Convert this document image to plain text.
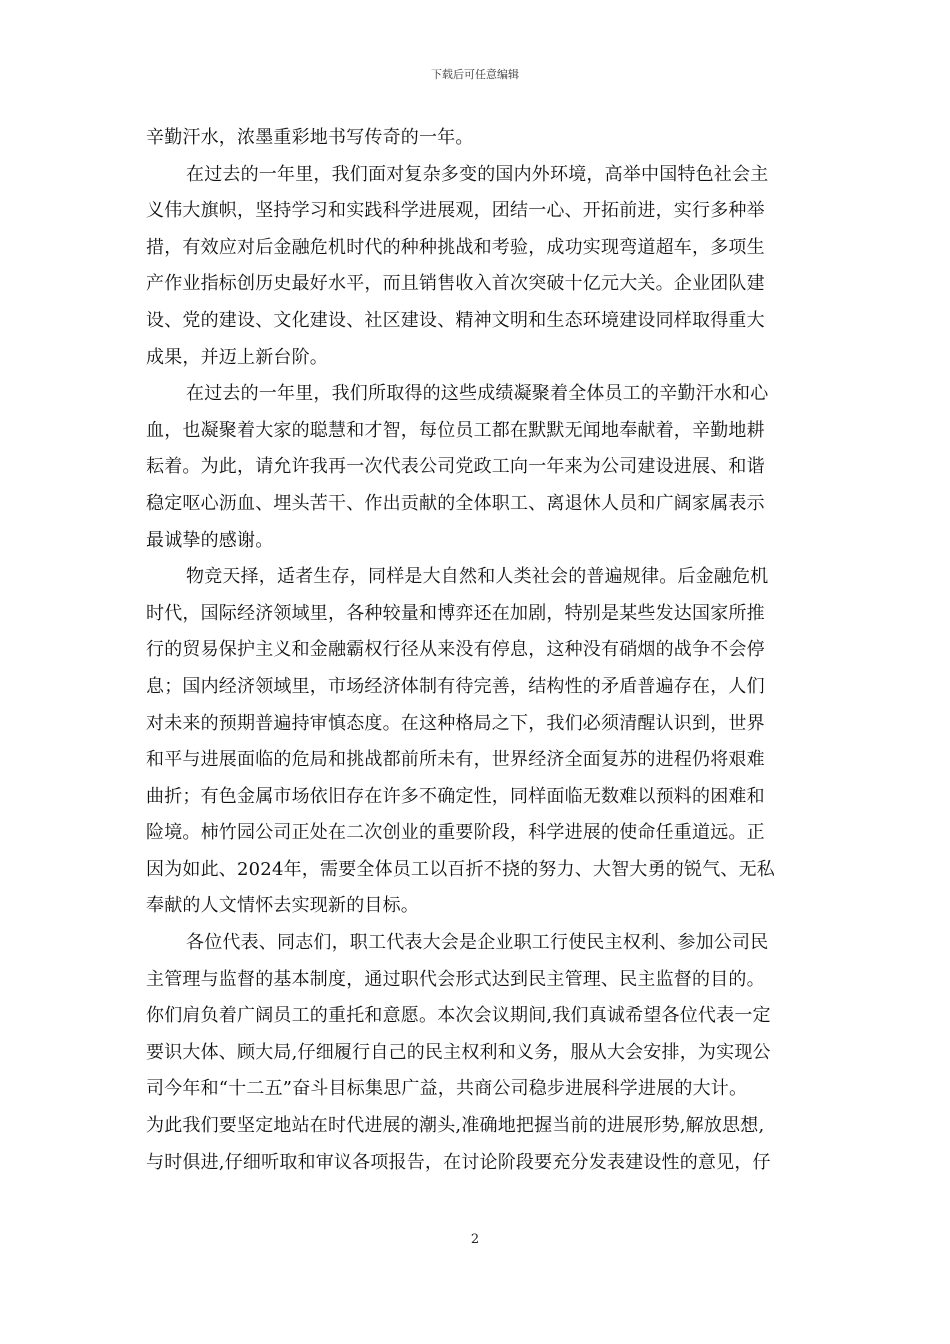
下载后可任意编辑
辛勤汗水，浓墨重彩地书写传奇的一年。
在过去的一年里，我们面对复杂多变的国内外环境，高举中国特色社会主
义伟大旗帜，坚持学习和实践科学进展观，团结一心、开拓前进，实行多种举
措，有效应对后金融危机时代的种种挑战和考验，成功实现弯道超车，多项生
产作业指标创历史最好水平，而且销售收入首次突破十亿元大关。企业团队建
设、党的建设、文化建设、社区建设、精神文明和生态环境建设同样取得重大
成果，并迈上新台阶。
在过去的一年里，我们所取得的这些成绩凝聚着全体员工的辛勤汗水和心
血，也凝聚着大家的聪慧和才智，每位员工都在默默无闻地奉献着，辛勤地耕
耘着。为此，请允许我再一次代表公司党政工向一年来为公司建设进展、和谐
稳定呕心沥血、埋头苦干、作出贡献的全体职工、离退休人员和广阔家属表示
最诚挚的感谢。
物竞天择，适者生存，同样是大自然和人类社会的普遍规律。后金融危机
时代，国际经济领域里，各种较量和博弈还在加剧，特别是某些发达国家所推
行的贸易保护主义和金融霸权行径从来没有停息，这种没有硝烟的战争不会停
息；国内经济领域里，市场经济体制有待完善，结构性的矛盾普遍存在，人们
对未来的预期普遍持审慎态度。在这种格局之下，我们必须清醒认识到，世界
和平与进展面临的危局和挑战都前所未有，世界经济全面复苏的进程仍将艰难
曲折；有色金属市场依旧存在许多不确定性，同样面临无数难以预料的困难和
险境。柿竹园公司正处在二次创业的重要阶段，科学进展的使命任重道远。正
因为如此、2024年，需要全体员工以百折不挠的努力、大智大勇的锐气、无私
奉献的人文情怀去实现新的目标。
各位代表、同志们，职工代表大会是企业职工行使民主权利、参加公司民
主管理与监督的基本制度，通过职代会形式达到民主管理、民主监督的目的。
你们肩负着广阔员工的重托和意愿。本次会议期间,我们真诚希望各位代表一定
要识大体、顾大局,仔细履行自己的民主权利和义务，服从大会安排，为实现公
司今年和“十二五”奋斗目标集思广益，共商公司稳步进展科学进展的大计。
为此我们要坚定地站在时代进展的潮头,准确地把握当前的进展形势,解放思想,
与时俱进,仔细听取和审议各项报告，在讨论阶段要充分发表建设性的意见，仔
2
